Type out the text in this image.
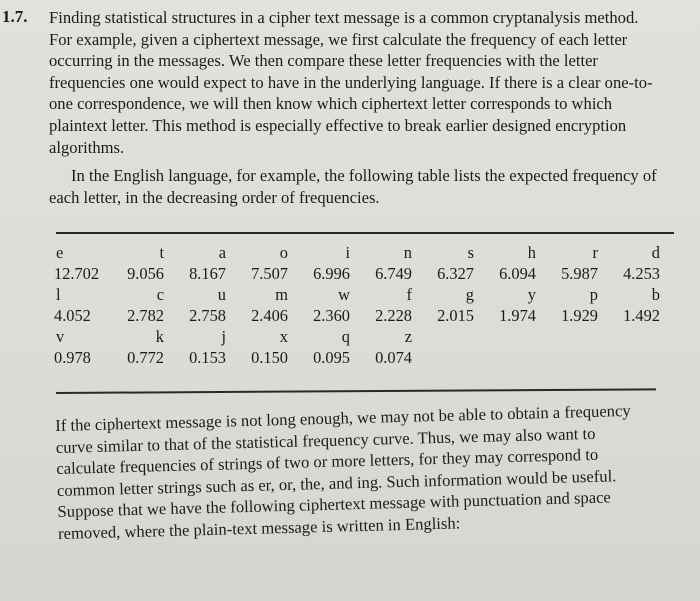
1.7. Finding statistical structures in a cipher text message is a common cryptanalysis method. For example, given a ciphertext message, we first calculate the frequency of each letter occurring in the messages. We then compare these letter frequencies with the letter frequencies one would expect to have in the underlying language. If there is a clear one-to-one correspondence, we will then know which ciphertext letter corresponds to which plaintext letter. This method is especially effective to break earlier designed encryption algorithms.
In the English language, for example, the following table lists the expected frequency of each letter, in the decreasing order of frequencies.
e	t	a	o	i	n	s	h	r	d
12.702	9.056	8.167	7.507	6.996	6.749	6.327	6.094	5.987	4.253
l	c	u	m	w	f	g	y	p	b
4.052	2.782	2.758	2.406	2.360	2.228	2.015	1.974	1.929	1.492
v	k	j	x	q	z				
0.978	0.772	0.153	0.150	0.095	0.074				
If the ciphertext message is not long enough, we may not be able to obtain a frequency curve similar to that of the statistical frequency curve. Thus, we may also want to calculate frequencies of strings of two or more letters, for they may correspond to common letter strings such as er, or, the, and ing. Such information would be useful. Suppose that we have the following ciphertext message with punctuation and space removed, where the plain-text message is written in English:
